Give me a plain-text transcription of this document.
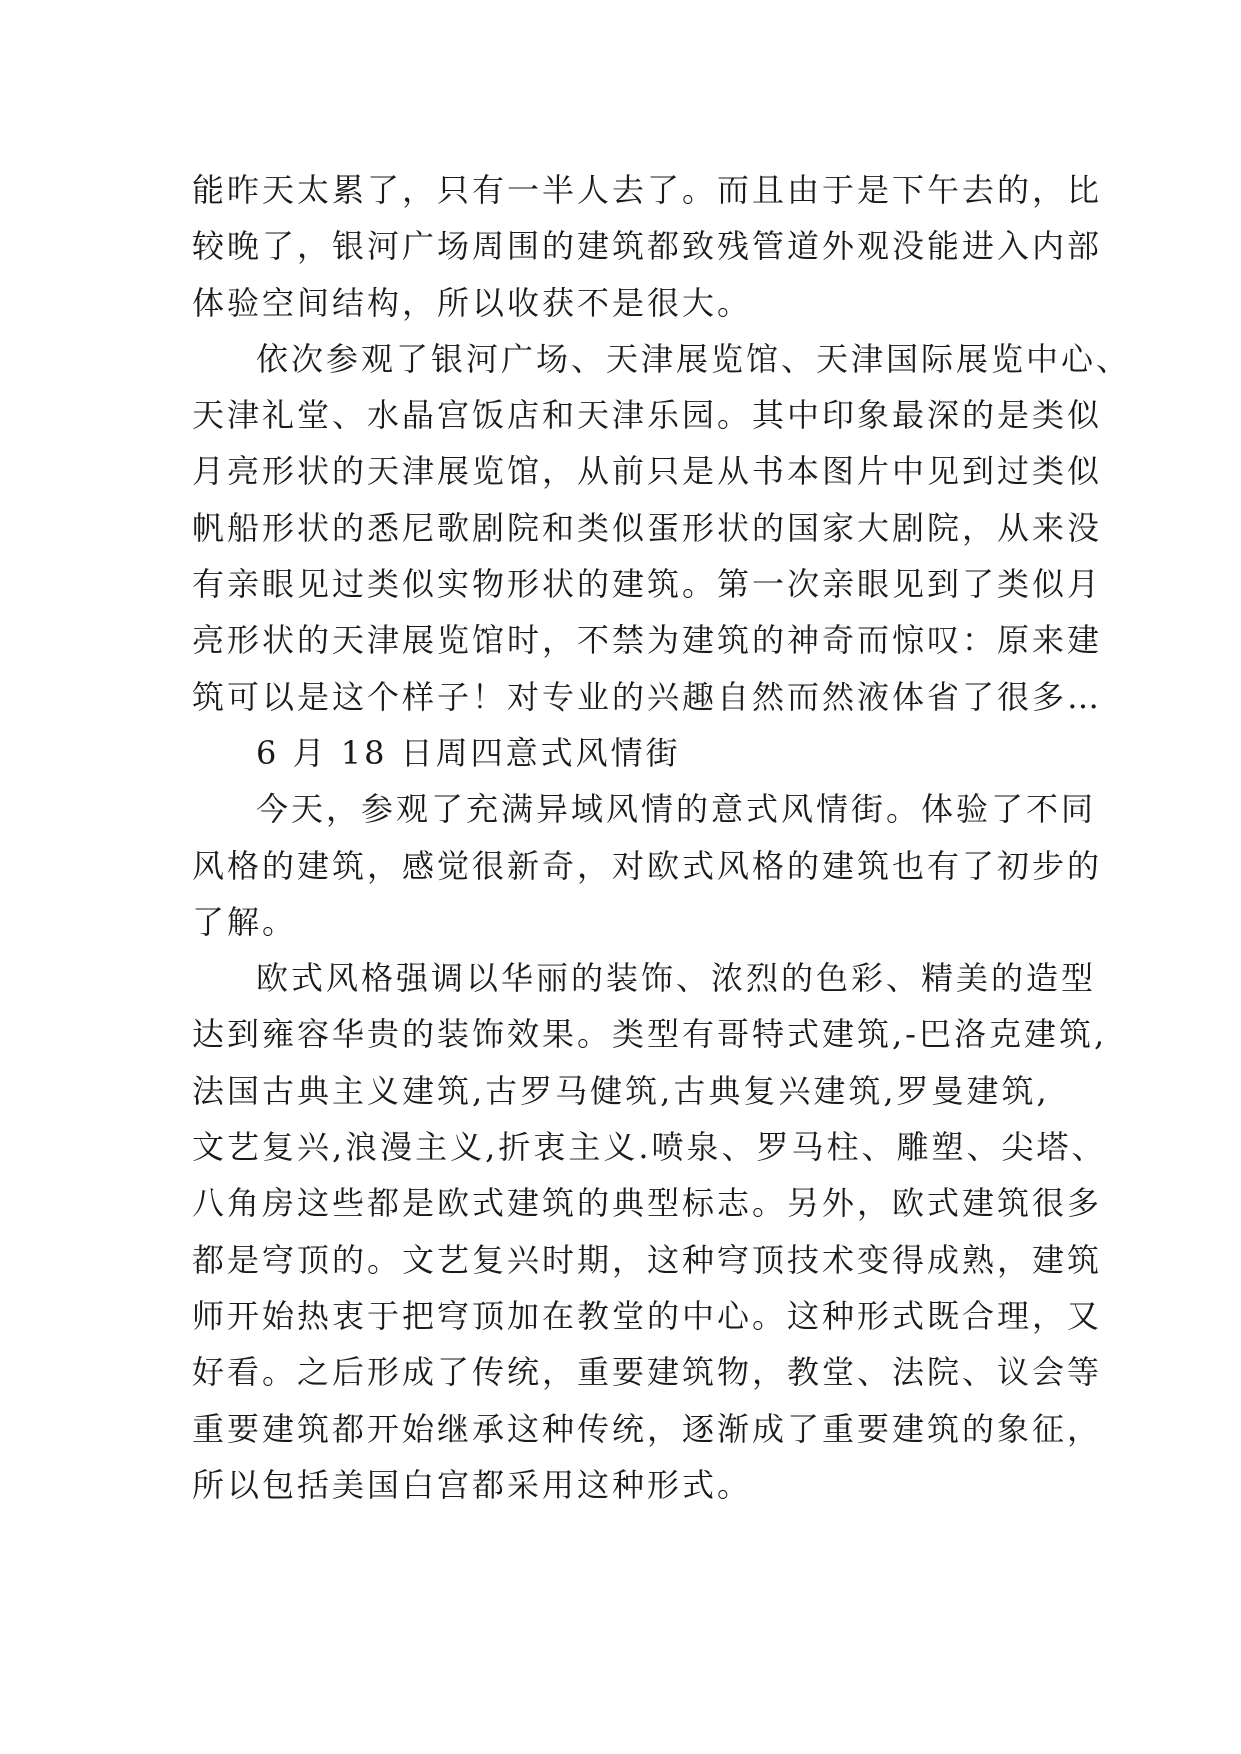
能昨天太累了，只有一半人去了。而且由于是下午去的，比
较晚了，银河广场周围的建筑都致残管道外观没能进入内部
体验空间结构，所以收获不是很大。
依次参观了银河广场、天津展览馆、天津国际展览中心、
天津礼堂、水晶宫饭店和天津乐园。其中印象最深的是类似
月亮形状的天津展览馆，从前只是从书本图片中见到过类似
帆船形状的悉尼歌剧院和类似蛋形状的国家大剧院，从来没
有亲眼见过类似实物形状的建筑。第一次亲眼见到了类似月
亮形状的天津展览馆时，不禁为建筑的神奇而惊叹：原来建
筑可以是这个样子！对专业的兴趣自然而然液体省了很多…
6 月 18 日周四意式风情街
今天，参观了充满异域风情的意式风情街。体验了不同
风格的建筑，感觉很新奇，对欧式风格的建筑也有了初步的
了解。
欧式风格强调以华丽的装饰、浓烈的色彩、精美的造型
达到雍容华贵的装饰效果。类型有哥特式建筑,-巴洛克建筑,
法国古典主义建筑,古罗马健筑,古典复兴建筑,罗曼建筑,
文艺复兴,浪漫主义,折衷主义.喷泉、罗马柱、雕塑、尖塔、
八角房这些都是欧式建筑的典型标志。另外，欧式建筑很多
都是穹顶的。文艺复兴时期，这种穹顶技术变得成熟，建筑
师开始热衷于把穹顶加在教堂的中心。这种形式既合理，又
好看。之后形成了传统，重要建筑物，教堂、法院、议会等
重要建筑都开始继承这种传统，逐渐成了重要建筑的象征，
所以包括美国白宫都采用这种形式。
